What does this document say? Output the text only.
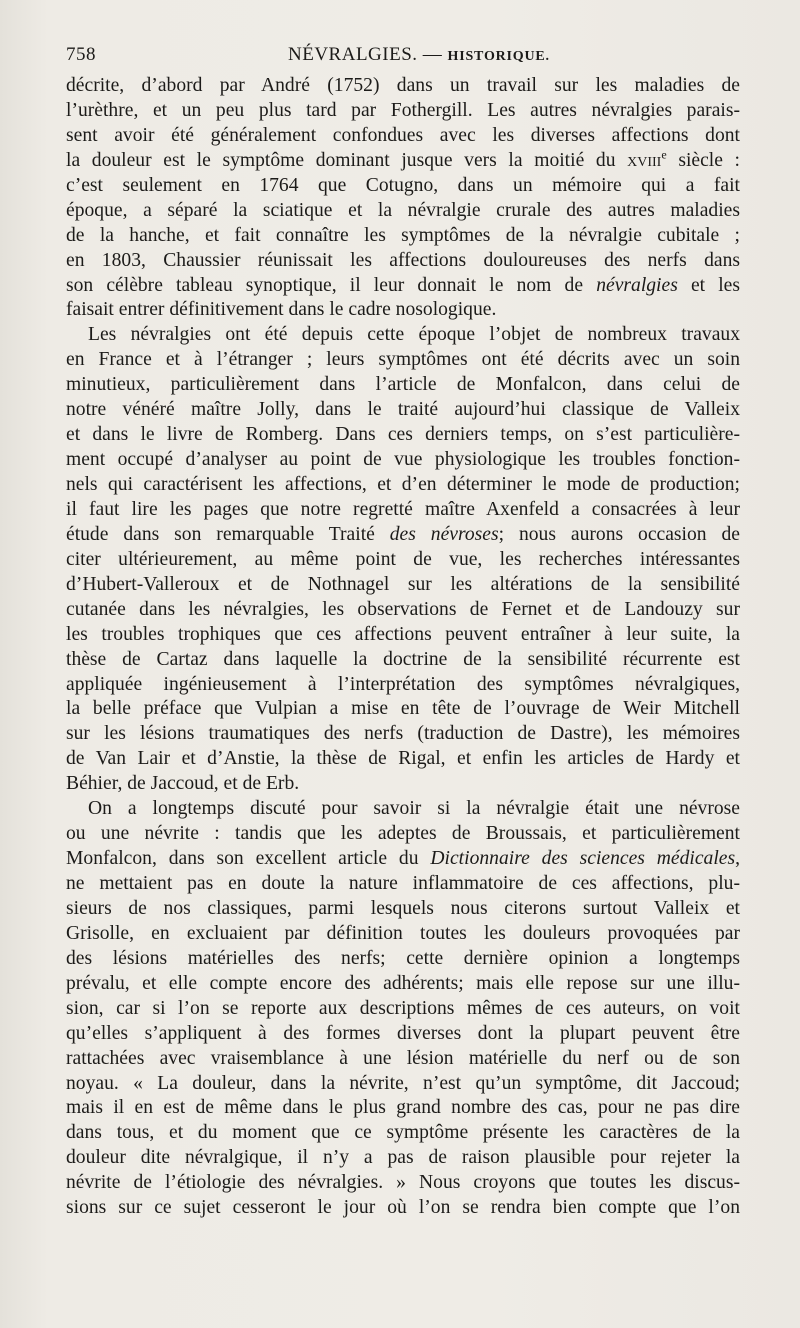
758	NÉVRALGIES. — HISTORIQUE.
décrite, d’abord par André (1752) dans un travail sur les maladies de
l’urèthre, et un peu plus tard par Fothergill. Les autres névralgies parais-
sent avoir été généralement confondues avec les diverses affections dont
la douleur est le symptôme dominant jusque vers la moitié du xviii$^e$ siècle :
c’est seulement en 1764 que Cotugno, dans un mémoire qui a fait
époque, a séparé la sciatique et la névralgie crurale des autres maladies
de la hanche, et fait connaître les symptômes de la névralgie cubitale ;
en 1803, Chaussier réunissait les affections douloureuses des nerfs dans
son célèbre tableau synoptique, il leur donnait le nom de névralgies et les
faisait entrer définitivement dans le cadre nosologique.
Les névralgies ont été depuis cette époque l’objet de nombreux travaux
en France et à l’étranger ; leurs symptômes ont été décrits avec un soin
minutieux, particulièrement dans l’article de Monfalcon, dans celui de
notre vénéré maître Jolly, dans le traité aujourd’hui classique de Valleix
et dans le livre de Romberg. Dans ces derniers temps, on s’est particulière-
ment occupé d’analyser au point de vue physiologique les troubles fonction-
nels qui caractérisent les affections, et d’en déterminer le mode de production;
il faut lire les pages que notre regretté maître Axenfeld a consacrées à leur
étude dans son remarquable Traité des névroses; nous aurons occasion de
citer ultérieurement, au même point de vue, les recherches intéressantes
d’Hubert-Valleroux et de Nothnagel sur les altérations de la sensibilité
cutanée dans les névralgies, les observations de Fernet et de Landouzy sur
les troubles trophiques que ces affections peuvent entraîner à leur suite, la
thèse de Cartaz dans laquelle la doctrine de la sensibilité récurrente est
appliquée ingénieusement à l’interprétation des symptômes névralgiques,
la belle préface que Vulpian a mise en tête de l’ouvrage de Weir Mitchell
sur les lésions traumatiques des nerfs (traduction de Dastre), les mémoires
de Van Lair et d’Anstie, la thèse de Rigal, et enfin les articles de Hardy et
Béhier, de Jaccoud, et de Erb.
On a longtemps discuté pour savoir si la névralgie était une névrose
ou une névrite : tandis que les adeptes de Broussais, et particulièrement
Monfalcon, dans son excellent article du Dictionnaire des sciences médicales,
ne mettaient pas en doute la nature inflammatoire de ces affections, plu-
sieurs de nos classiques, parmi lesquels nous citerons surtout Valleix et
Grisolle, en excluaient par définition toutes les douleurs provoquées par
des lésions matérielles des nerfs; cette dernière opinion a longtemps
prévalu, et elle compte encore des adhérents; mais elle repose sur une illu-
sion, car si l’on se reporte aux descriptions mêmes de ces auteurs, on voit
qu’elles s’appliquent à des formes diverses dont la plupart peuvent être
rattachées avec vraisemblance à une lésion matérielle du nerf ou de son
noyau. « La douleur, dans la névrite, n’est qu’un symptôme, dit Jaccoud;
mais il en est de même dans le plus grand nombre des cas, pour ne pas dire
dans tous, et du moment que ce symptôme présente les caractères de la
douleur dite névralgique, il n’y a pas de raison plausible pour rejeter la
névrite de l’étiologie des névralgies. » Nous croyons que toutes les discus-
sions sur ce sujet cesseront le jour où l’on se rendra bien compte que l’on
